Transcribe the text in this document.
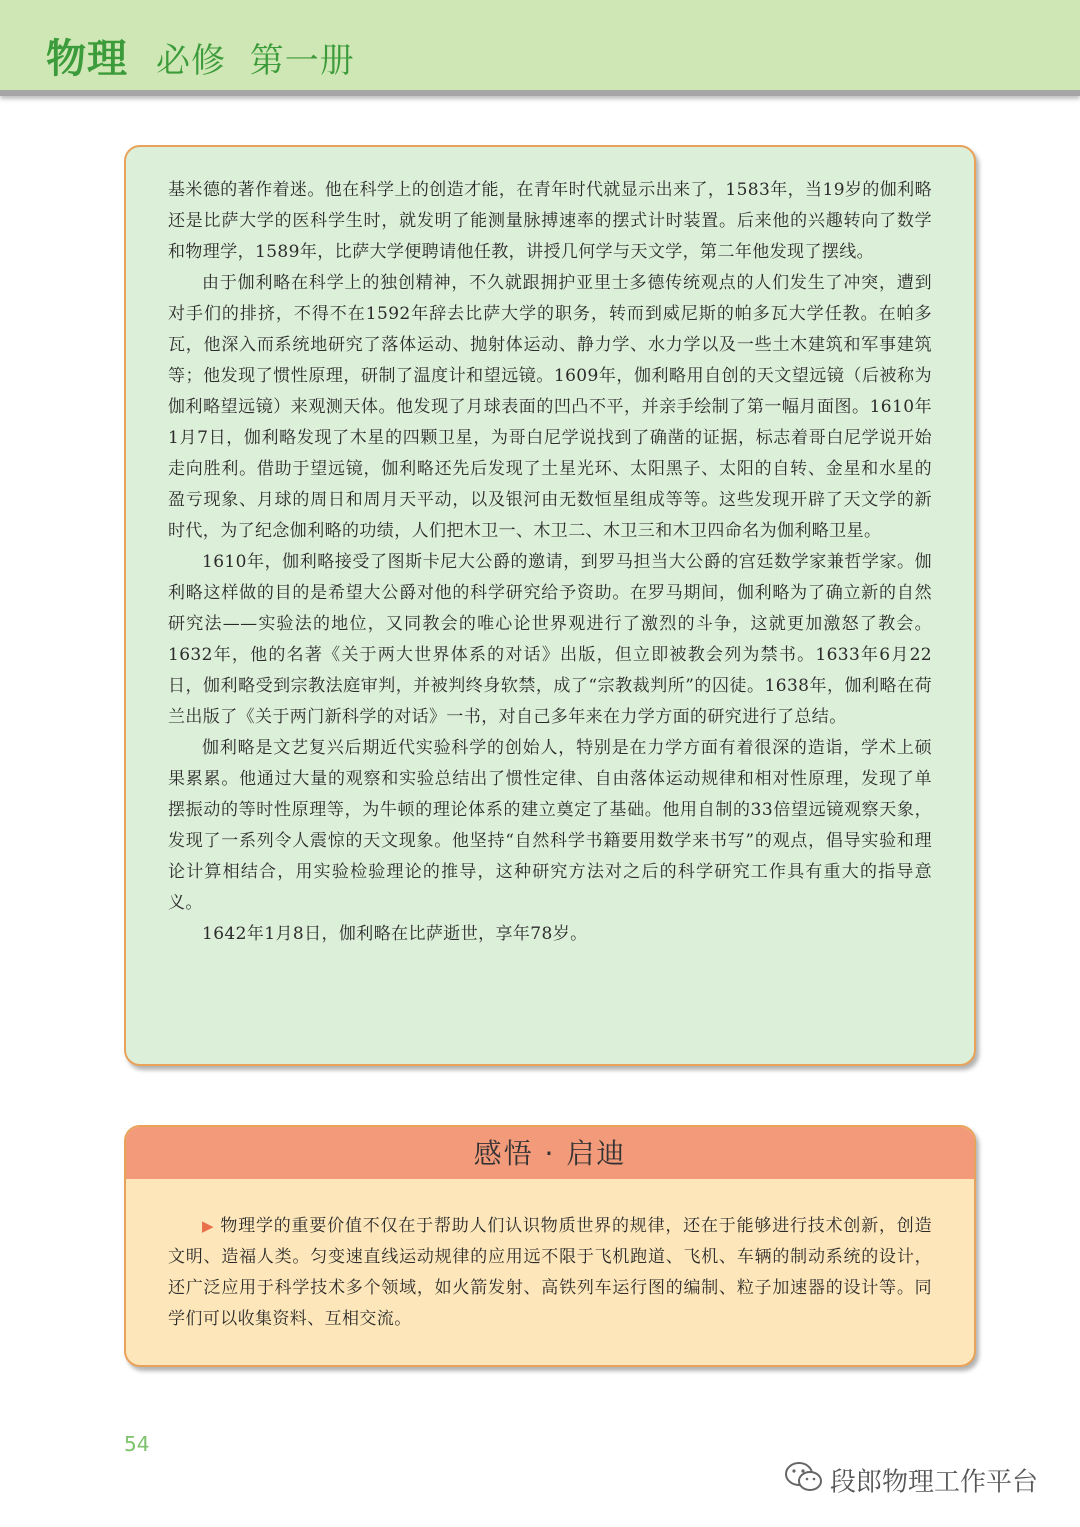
物理 必修 第一册

基米德的著作着迷。他在科学上的创造才能，在青年时代就显示出来了，1583年，当19岁的伽利略还是比萨大学的医科学生时，就发明了能测量脉搏速率的摆式计时装置。后来他的兴趣转向了数学和物理学，1589年，比萨大学便聘请他任教，讲授几何学与天文学，第二年他发现了摆线。

由于伽利略在科学上的独创精神，不久就跟拥护亚里士多德传统观点的人们发生了冲突，遭到对手们的排挤，不得不在1592年辞去比萨大学的职务，转而到威尼斯的帕多瓦大学任教。在帕多瓦，他深入而系统地研究了落体运动、抛射体运动、静力学、水力学以及一些土木建筑和军事建筑等；他发现了惯性原理，研制了温度计和望远镜。1609年，伽利略用自创的天文望远镜（后被称为伽利略望远镜）来观测天体。他发现了月球表面的凹凸不平，并亲手绘制了第一幅月面图。1610年1月7日，伽利略发现了木星的四颗卫星，为哥白尼学说找到了确凿的证据，标志着哥白尼学说开始走向胜利。借助于望远镜，伽利略还先后发现了土星光环、太阳黑子、太阳的自转、金星和水星的盈亏现象、月球的周日和周月天平动，以及银河由无数恒星组成等等。这些发现开辟了天文学的新时代，为了纪念伽利略的功绩，人们把木卫一、木卫二、木卫三和木卫四命名为伽利略卫星。

1610年，伽利略接受了图斯卡尼大公爵的邀请，到罗马担当大公爵的宫廷数学家兼哲学家。伽利略这样做的目的是希望大公爵对他的科学研究给予资助。在罗马期间，伽利略为了确立新的自然研究法——实验法的地位，又同教会的唯心论世界观进行了激烈的斗争，这就更加激怒了教会。1632年，他的名著《关于两大世界体系的对话》出版，但立即被教会列为禁书。1633年6月22日，伽利略受到宗教法庭审判，并被判终身软禁，成了“宗教裁判所”的囚徒。1638年，伽利略在荷兰出版了《关于两门新科学的对话》一书，对自己多年来在力学方面的研究进行了总结。

伽利略是文艺复兴后期近代实验科学的创始人，特别是在力学方面有着很深的造诣，学术上硕果累累。他通过大量的观察和实验总结出了惯性定律、自由落体运动规律和相对性原理，发现了单摆振动的等时性原理等，为牛顿的理论体系的建立奠定了基础。他用自制的33倍望远镜观察天象，发现了一系列令人震惊的天文现象。他坚持“自然科学书籍要用数学来书写”的观点，倡导实验和理论计算相结合，用实验检验理论的推导，这种研究方法对之后的科学研究工作具有重大的指导意义。

1642年1月8日，伽利略在比萨逝世，享年78岁。

感悟 · 启迪

▶ 物理学的重要价值不仅在于帮助人们认识物质世界的规律，还在于能够进行技术创新，创造文明、造福人类。匀变速直线运动规律的应用远不限于飞机跑道、飞机、车辆的制动系统的设计，还广泛应用于科学技术多个领域，如火箭发射、高铁列车运行图的编制、粒子加速器的设计等。同学们可以收集资料、互相交流。

54
段郎物理工作平台
